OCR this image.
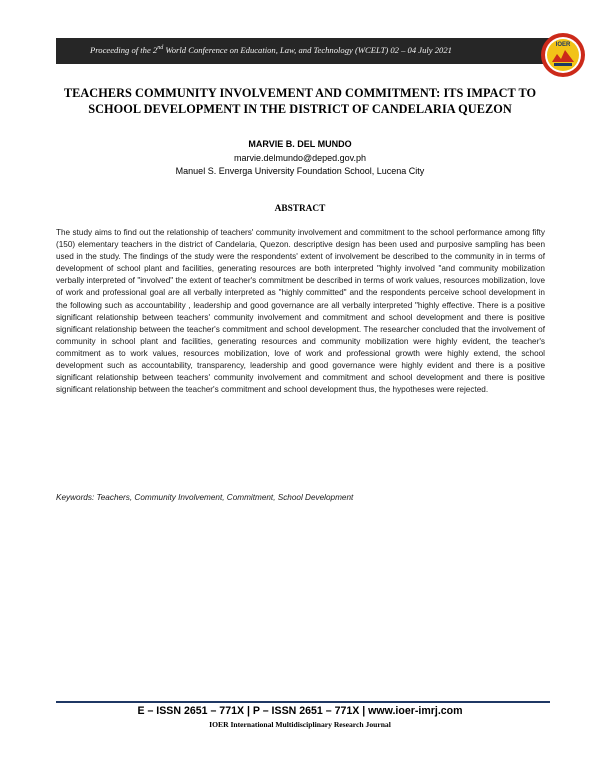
Proceeding of the 2nd World Conference on Education, Law, and Technology (WCELT) 02 – 04 July 2021	IOER
TEACHERS COMMUNITY INVOLVEMENT AND COMMITMENT: ITS IMPACT TO
SCHOOL DEVELOPMENT IN THE DISTRICT OF CANDELARIA QUEZON
MARVIE B. DEL MUNDO
marvie.delmundo@deped.gov.ph
Manuel S. Enverga University Foundation School, Lucena City
ABSTRACT

The study aims to find out the relationship of teachers' community involvement and commitment to the school performance among fifty (150) elementary teachers in the district of Candelaria, Quezon. descriptive design has been used and purposive sampling has been used in the study. The findings of the study were the respondents' extent of involvement be described to the community in in terms of development of school plant and facilities, generating resources are both interpreted "highly involved "and community mobilization verbally interpreted of "involved" the extent of teacher's commitment be described in terms of work values, resources mobilization, love of work and professional goal are all verbally interpreted as "highly committed" and the respondents perceive school development in the following such as accountability , leadership and good governance are all verbally interpreted "highly effective. There is a positive significant relationship between teachers' community involvement and commitment and school development and there is positive significant relationship between the teacher's commitment and school development. The researcher concluded that the involvement of community in school plant and facilities, generating resources and community mobilization were highly evident, the teacher's commitment as to work values, resources mobilization, love of work and professional growth were highly extend, the school development such as accountability, transparency, leadership and good governance were highly evident and there is a positive significant relationship between teachers' community involvement and commitment and school development and there is positive significant relationship between the teacher's commitment and school development thus, the hypotheses were rejected.

Keywords: Teachers, Community Involvement, Commitment, School Development
E – ISSN 2651 – 771X | P – ISSN 2651 – 771X | www.ioer-imrj.com
IOER International Multidisciplinary Research Journal
